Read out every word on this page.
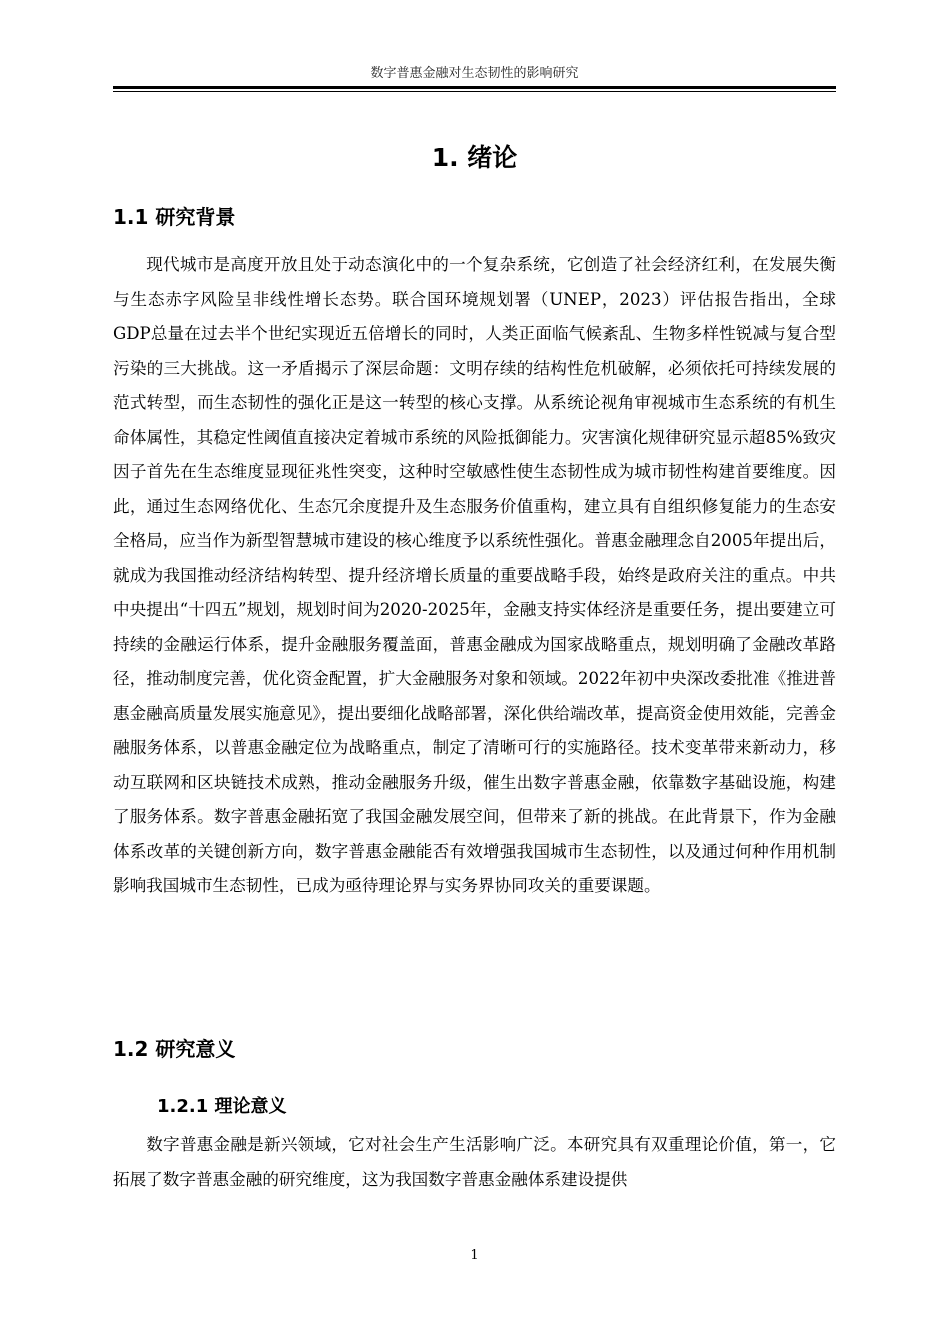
数字普惠金融对生态韧性的影响研究
1. 绪论
1.1 研究背景

现代城市是高度开放且处于动态演化中的一个复杂系统，它创造了社会经济红利，在发展失衡与生态赤字风险呈非线性增长态势。联合国环境规划署（UNEP，2023）评估报告指出，全球GDP总量在过去半个世纪实现近五倍增长的同时，人类正面临气候紊乱、生物多样性锐减与复合型污染的三大挑战。这一矛盾揭示了深层命题：文明存续的结构性危机破解，必须依托可持续发展的范式转型，而生态韧性的强化正是这一转型的核心支撑。从系统论视角审视城市生态系统的有机生命体属性，其稳定性阈值直接决定着城市系统的风险抵御能力。灾害演化规律研究显示超85%致灾因子首先在生态维度显现征兆性突变，这种时空敏感性使生态韧性成为城市韧性构建首要维度。因此，通过生态网络优化、生态冗余度提升及生态服务价值重构，建立具有自组织修复能力的生态安全格局，应当作为新型智慧城市建设的核心维度予以系统性强化。普惠金融理念自2005年提出后，就成为我国推动经济结构转型、提升经济增长质量的重要战略手段，始终是政府关注的重点。中共中央提出“十四五”规划，规划时间为2020-2025年，金融支持实体经济是重要任务，提出要建立可持续的金融运行体系，提升金融服务覆盖面，普惠金融成为国家战略重点，规划明确了金融改革路径，推动制度完善，优化资金配置，扩大金融服务对象和领域。2022年初中央深改委批准《推进普惠金融高质量发展实施意见》，提出要细化战略部署，深化供给端改革，提高资金使用效能，完善金融服务体系，以普惠金融定位为战略重点，制定了清晰可行的实施路径。技术变革带来新动力，移动互联网和区块链技术成熟，推动金融服务升级，催生出数字普惠金融，依靠数字基础设施，构建了服务体系。数字普惠金融拓宽了我国金融发展空间，但带来了新的挑战。在此背景下，作为金融体系改革的关键创新方向，数字普惠金融能否有效增强我国城市生态韧性，以及通过何种作用机制影响我国城市生态韧性，已成为亟待理论界与实务界协同攻关的重要课题。

1.2 研究意义
1.2.1 理论意义

数字普惠金融是新兴领域，它对社会生产生活影响广泛。本研究具有双重理论价值，第一，它拓展了数字普惠金融的研究维度，这为我国数字普惠金融体系建设提供

1
